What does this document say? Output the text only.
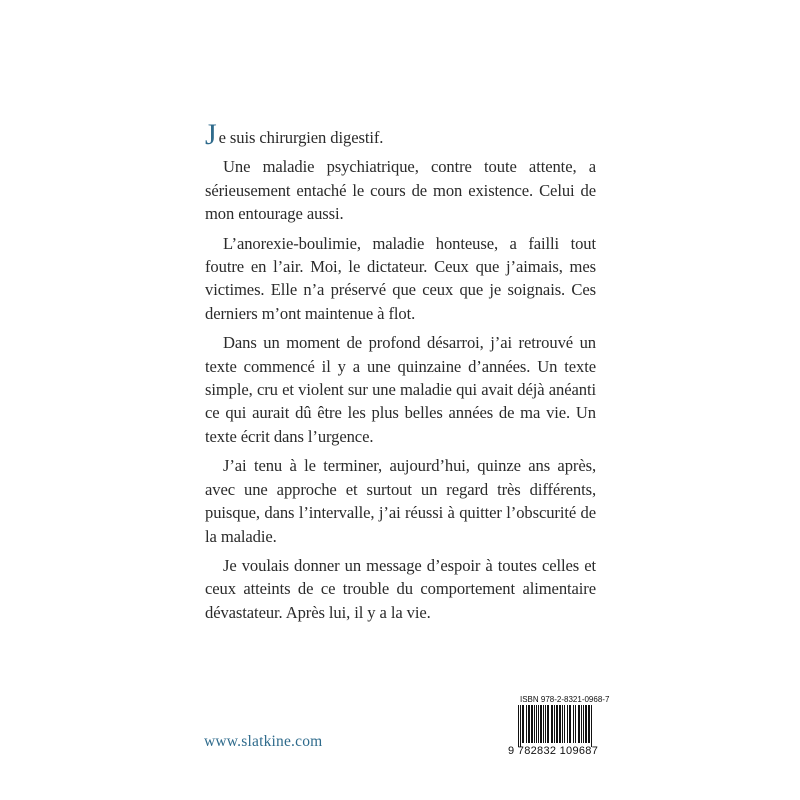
Je suis chirurgien digestif.

Une maladie psychiatrique, contre toute attente, a sérieusement entaché le cours de mon existence. Celui de mon entourage aussi.

L’anorexie-boulimie, maladie honteuse, a failli tout foutre en l’air. Moi, le dictateur. Ceux que j’aimais, mes victimes. Elle n’a préservé que ceux que je soignais. Ces derniers m’ont maintenue à flot.

Dans un moment de profond désarroi, j’ai retrouvé un texte commencé il y a une quinzaine d’années. Un texte simple, cru et violent sur une maladie qui avait déjà anéanti ce qui aurait dû être les plus belles années de ma vie. Un texte écrit dans l’urgence.

J’ai tenu à le terminer, aujourd’hui, quinze ans après, avec une approche et surtout un regard très différents, puisque, dans l’intervalle, j’ai réussi à quitter l’obscurité de la maladie.

Je voulais donner un message d’espoir à toutes celles et ceux atteints de ce trouble du comportement alimentaire dévastateur. Après lui, il y a la vie.

www.slatkine.com
ISBN 978-2-8321-0968-7
9 782832 109687
